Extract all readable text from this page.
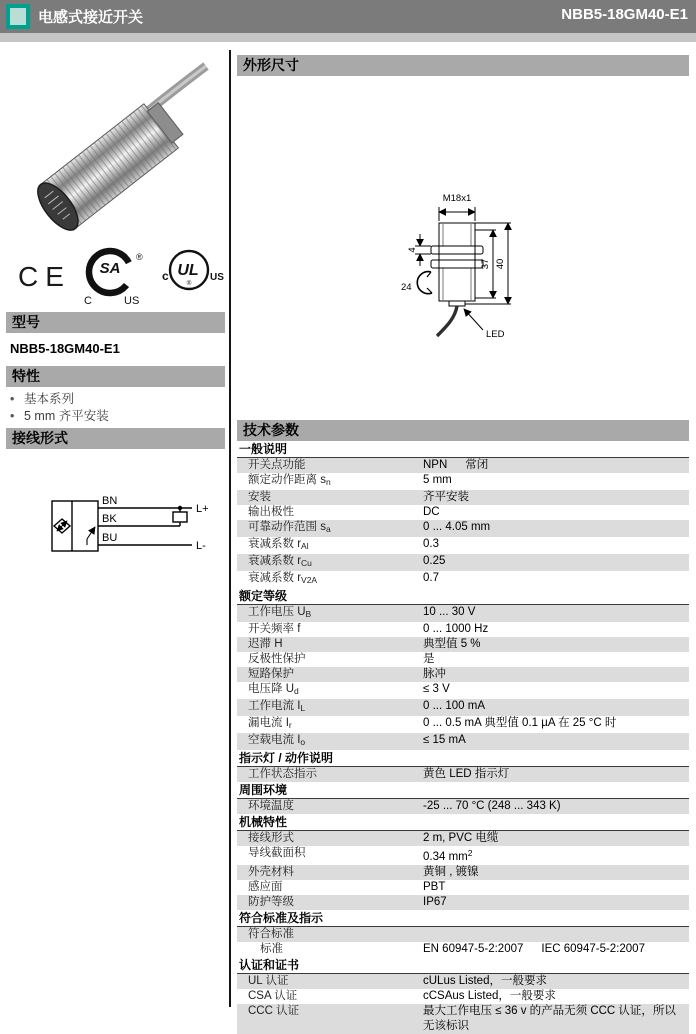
电感式接近开关	NBB5-18GM40-E1
CE SA
®
C	US
UL
®
c	US
型号
NBB5-18GM40-E1
特性
• 基本系列
• 5 mm 齐平安装
接线形式
BN
BK
BU
L+
L-
外形尺寸
M18x1
4
24
37 40
LED
技术参数
一般说明
开关点功能	NPN 常闭
额定动作距离 $s_n$	5 mm
安装	齐平安装
输出极性	DC
可靠动作范围 $s_a$	0 ... 4.05 mm
衰减系数 $r_{Al}$	0.3
衰减系数 $r_{Cu}$	0.25
衰减系数 $r_{V2A}$	0.7
额定等级
工作电压 $U_B$	10 ... 30 V
开关频率 f	0 ... 1000 Hz
迟滞 H	典型值 5 %
反极性保护	是
短路保护	脉冲
电压降 $U_d$	≤ 3 V
工作电流 $I_L$	0 ... 100 mA
漏电流 $I_r$	0 ... 0.5 mA 典型值 0.1 µA 在 25 °C 时
空载电流 $I_o$	≤ 15 mA
指示灯 / 动作说明
工作状态指示	黄色 LED 指示灯
周围环境
环境温度	-25 ... 70 °C (248 ... 343 K)
机械特性
接线形式	2 m, PVC 电缆
导线截面积	0.34 $mm^2$
外壳材料	黄铜 , 镀镍
感应面	PBT
防护等级	IP67
符合标准及指示
符合标准
标准	EN 60947-5-2:2007 IEC 60947-5-2:2007
认证和证书
UL 认证	cULus Listed，一般要求
CSA 认证	cCSAus Listed，一般要求
CCC 认证	最大工作电压 ≤ 36 v 的产品无须 CCC 认证，所以无该标识
